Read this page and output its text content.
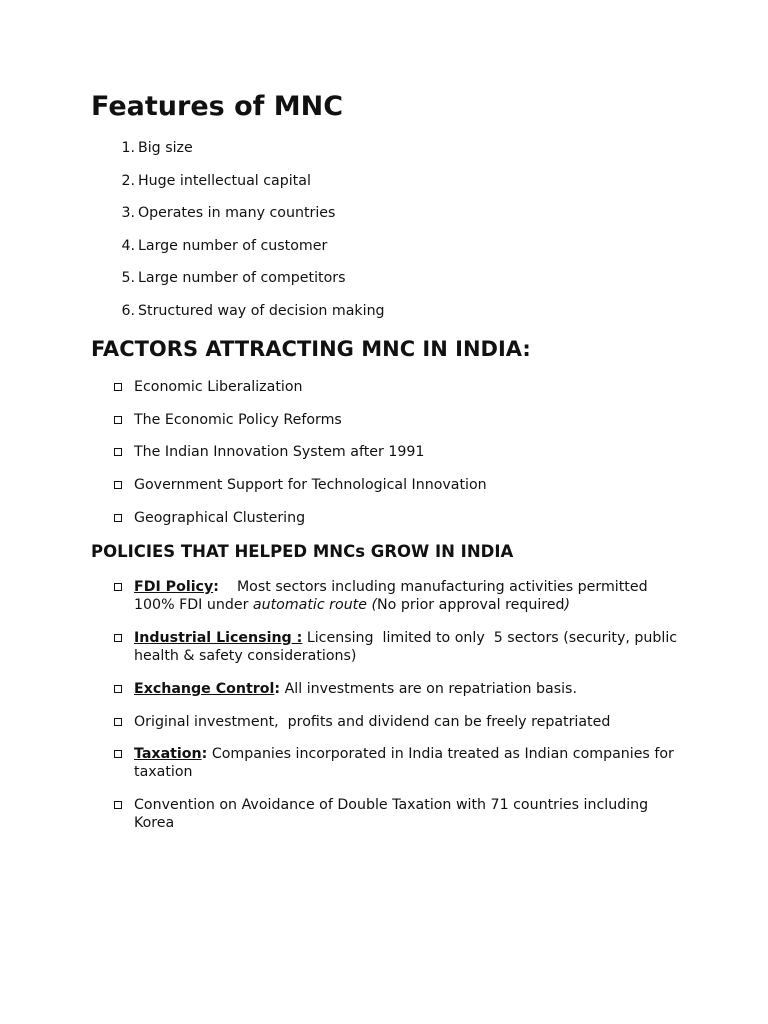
Features of MNC
1. Big size
2. Huge intellectual capital
3. Operates in many countries
4. Large number of customer
5. Large number of competitors
6. Structured way of decision making
FACTORS ATTRACTING MNC IN INDIA:
Economic Liberalization
The Economic Policy Reforms
The Indian Innovation System after 1991
Government Support for Technological Innovation
Geographical Clustering
POLICIES THAT HELPED MNCs GROW IN INDIA
FDI Policy:    Most sectors including manufacturing activities permitted 100% FDI under automatic route (No prior approval required)
Industrial Licensing : Licensing  limited to only  5 sectors (security, public health & safety considerations)
Exchange Control: All investments are on repatriation basis.
Original investment,  profits and dividend can be freely repatriated
Taxation: Companies incorporated in India treated as Indian companies for taxation
Convention on Avoidance of Double Taxation with 71 countries including Korea
